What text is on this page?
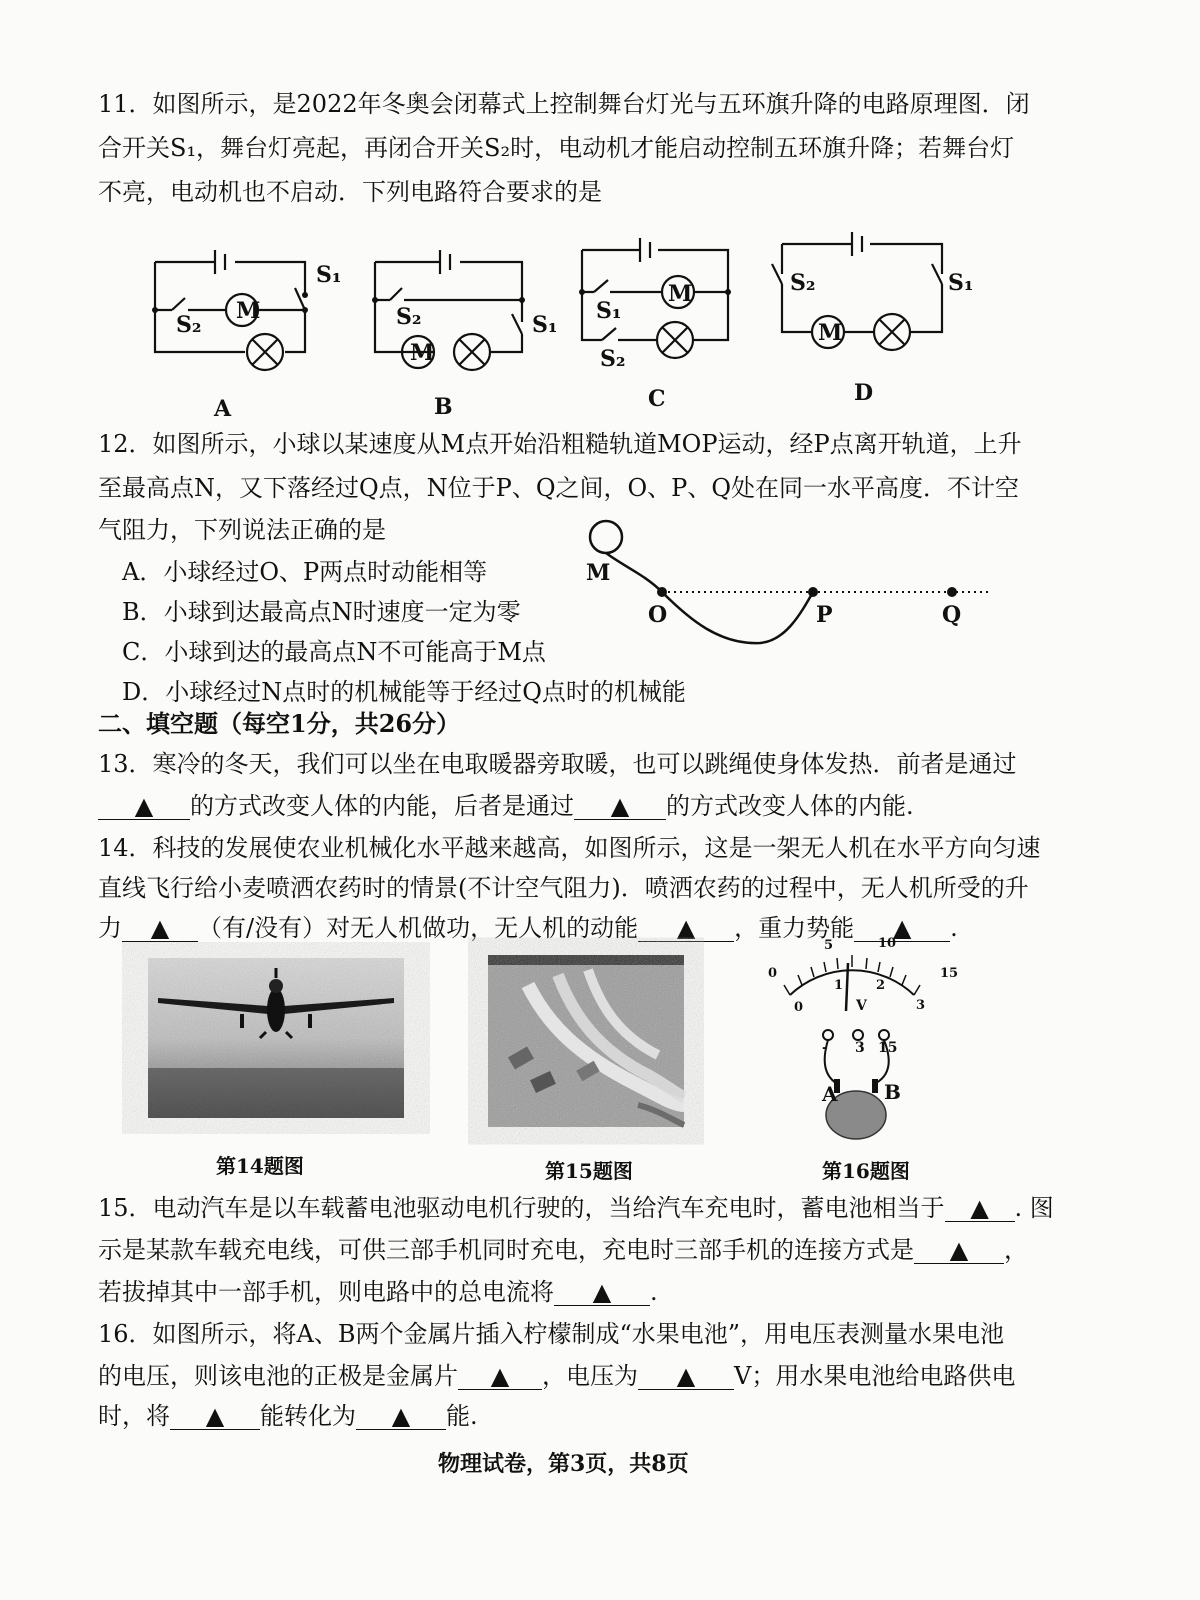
11．如图所示，是2022年冬奥会闭幕式上控制舞台灯光与五环旗升降的电路原理图．闭
合开关S₁，舞台灯亮起，再闭合开关S₂时，电动机才能启动控制五环旗升降；若舞台灯
不亮，电动机也不启动．下列电路符合要求的是
M
S₁
S₂
A
M
S₁
S₂
B
M
S₁
S₂
C
M
S₁
S₂
D
12．如图所示，小球以某速度从M点开始沿粗糙轨道MOP运动，经P点离开轨道，上升
至最高点N，又下落经过Q点，N位于P、Q之间，O、P、Q处在同一水平高度．不计空
气阻力，下列说法正确的是
A．小球经过O、P两点时动能相等
B．小球到达最高点N时速度一定为零
C．小球到达的最高点N不可能高于M点
D．小球经过N点时的机械能等于经过Q点时的机械能
M
O	P	Q
二、填空题（每空1分，共26分）
13．寒冷的冬天，我们可以坐在电取暖器旁取暖，也可以跳绳使身体发热．前者是通过
▲ 的方式改变人体的内能，后者是通过 ▲ 的方式改变人体的内能.
14．科技的发展使农业机械化水平越来越高，如图所示，这是一架无人机在水平方向匀速
直线飞行给小麦喷洒农药时的情景(不计空气阻力)．喷洒农药的过程中，无人机所受的升
力 ▲ （有/没有）对无人机做功，无人机的动能 ▲ ，重力势能 ▲ .
第14题图	第15题图
0
5	10
15
0
1	2
3
V
- 3 15
A B
第16题图
15．电动汽车是以车载蓄电池驱动电机行驶的，当给汽车充电时，蓄电池相当于 ▲ . 图
示是某款车载充电线，可供三部手机同时充电，充电时三部手机的连接方式是 ▲ ，
若拔掉其中一部手机，则电路中的总电流将 ▲ .
16．如图所示，将A、B两个金属片插入柠檬制成“水果电池”，用电压表测量水果电池
的电压，则该电池的正极是金属片 ▲ ，电压为 ▲ V；用水果电池给电路供电
时，将 ▲ 能转化为 ▲ 能.
物理试卷，第3页，共8页
